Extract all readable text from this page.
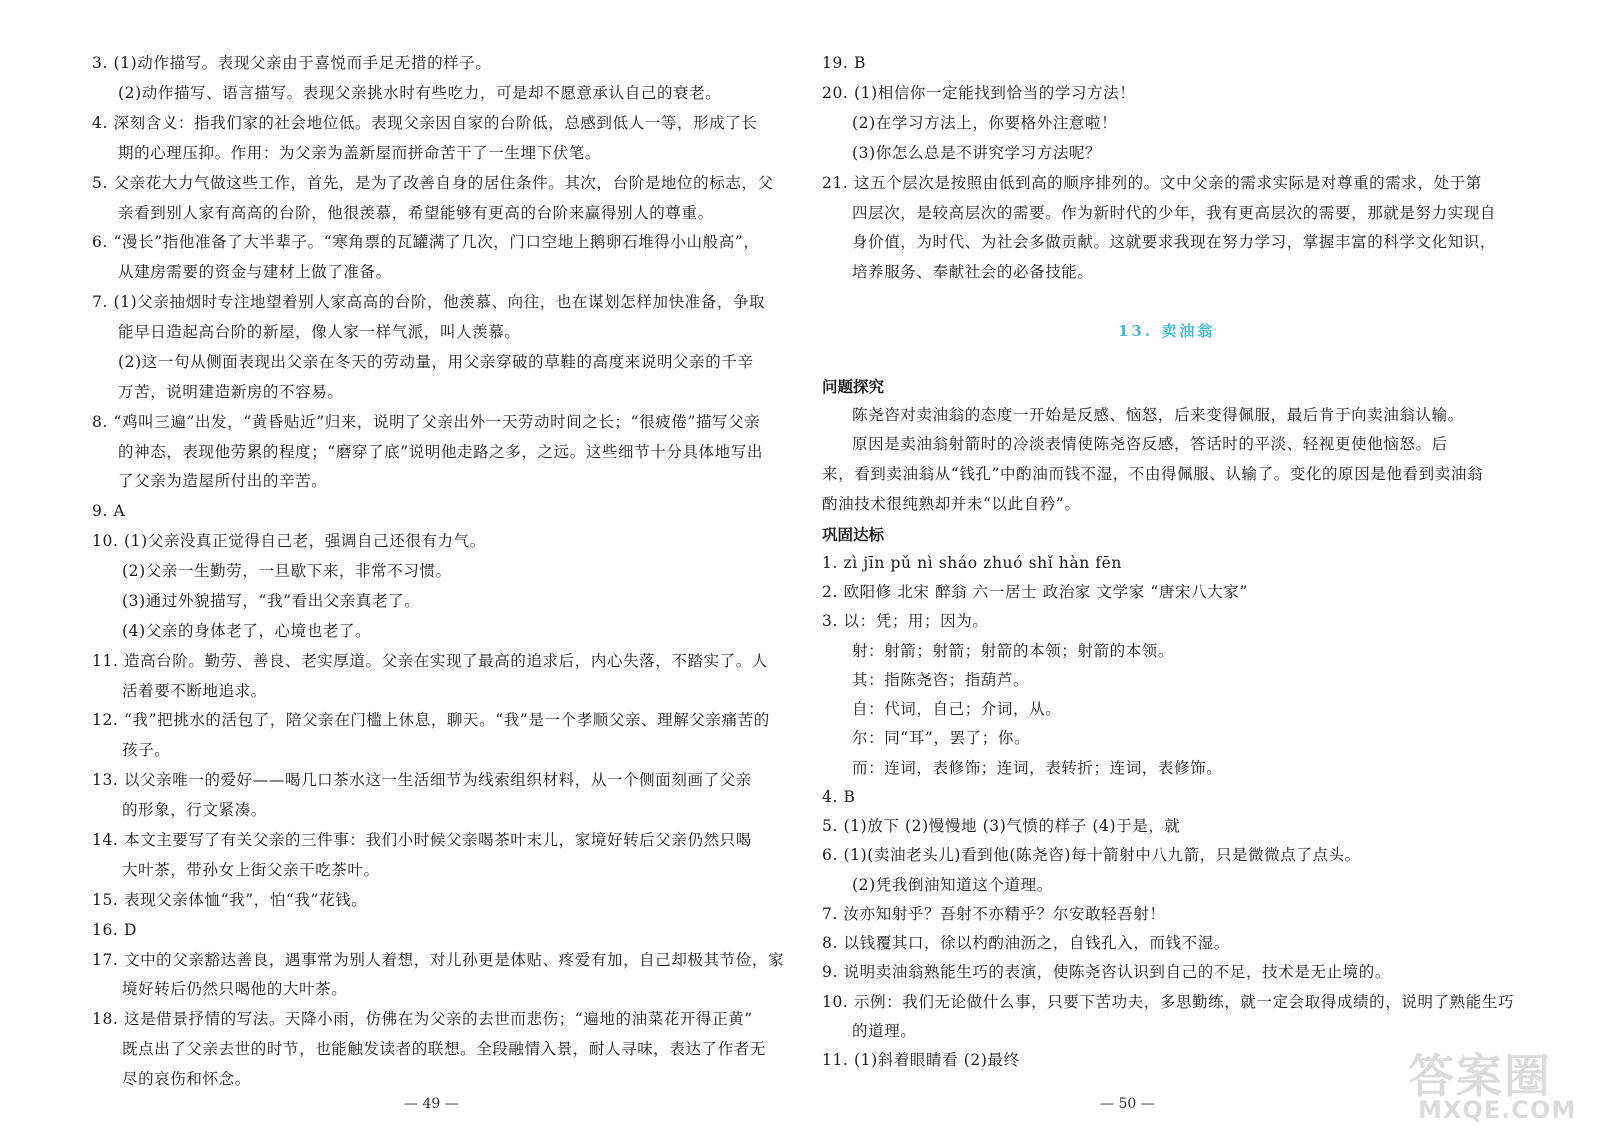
3. (1)动作描写。表现父亲由于喜悦而手足无措的样子。
(2)动作描写、语言描写。表现父亲挑水时有些吃力，可是却不愿意承认自己的衰老。
4. 深刻含义：指我们家的社会地位低。表现父亲因自家的台阶低，总感到低人一等，形成了长
期的心理压抑。作用：为父亲为盖新屋而拼命苦干了一生埋下伏笔。
5. 父亲花大力气做这些工作，首先，是为了改善自身的居住条件。其次，台阶是地位的标志，父
亲看到别人家有高高的台阶，他很羡慕，希望能够有更高的台阶来赢得别人的尊重。
6. “漫长”指他准备了大半辈子。“寒角票的瓦罐满了几次，门口空地上鹅卵石堆得小山般高”，
从建房需要的资金与建材上做了准备。
7. (1)父亲抽烟时专注地望着别人家高高的台阶，他羡慕、向往，也在谋划怎样加快准备，争取
能早日造起高台阶的新屋，像人家一样气派，叫人羡慕。
(2)这一句从侧面表现出父亲在冬天的劳动量，用父亲穿破的草鞋的高度来说明父亲的千辛
万苦，说明建造新房的不容易。
8. “鸡叫三遍”出发，“黄昏贴近”归来，说明了父亲出外一天劳动时间之长；“很疲倦”描写父亲
的神态，表现他劳累的程度；“磨穿了底”说明他走路之多，之远。这些细节十分具体地写出
了父亲为造屋所付出的辛苦。
9. A
10. (1)父亲没真正觉得自己老，强调自己还很有力气。
(2)父亲一生勤劳，一旦歇下来，非常不习惯。
(3)通过外貌描写，“我”看出父亲真老了。
(4)父亲的身体老了，心境也老了。
11. 造高台阶。勤劳、善良、老实厚道。父亲在实现了最高的追求后，内心失落，不踏实了。人
活着要不断地追求。
12. “我”把挑水的活包了，陪父亲在门槛上休息，聊天。“我”是一个孝顺父亲、理解父亲痛苦的
孩子。
13. 以父亲唯一的爱好——喝几口茶水这一生活细节为线索组织材料，从一个侧面刻画了父亲
的形象，行文紧凑。
14. 本文主要写了有关父亲的三件事：我们小时候父亲喝茶叶末儿，家境好转后父亲仍然只喝
大叶茶，带孙女上街父亲干吃茶叶。
15. 表现父亲体恤“我”，怕“我”花钱。
16. D
17. 文中的父亲豁达善良，遇事常为别人着想，对儿孙更是体贴、疼爱有加，自己却极其节俭，家
境好转后仍然只喝他的大叶茶。
18. 这是借景抒情的写法。天降小雨，仿佛在为父亲的去世而悲伤；“遍地的油菜花开得正黄”
既点出了父亲去世的时节，也能触发读者的联想。全段融情入景，耐人寻味，表达了作者无
尽的哀伤和怀念。
— 49 —
19. B
20. (1)相信你一定能找到恰当的学习方法！
(2)在学习方法上，你要格外注意啦！
(3)你怎么总是不讲究学习方法呢？
21. 这五个层次是按照由低到高的顺序排列的。文中父亲的需求实际是对尊重的需求，处于第
四层次，是较高层次的需要。作为新时代的少年，我有更高层次的需要，那就是努力实现自
身价值，为时代、为社会多做贡献。这就要求我现在努力学习，掌握丰富的科学文化知识，
培养服务、奉献社会的必备技能。
13. 卖油翁
问题探究
陈尧咨对卖油翁的态度一开始是反感、恼怒，后来变得佩服，最后肯于向卖油翁认输。
原因是卖油翁射箭时的冷淡表情使陈尧咨反感，答话时的平淡、轻视更使他恼怒。后
来，看到卖油翁从“钱孔”中酌油而钱不湿，不由得佩服、认输了。变化的原因是他看到卖油翁
酌油技术很纯熟却并未“以此自矜”。
巩固达标
1. zì jīn pǔ nì sháo zhuó shǐ hàn fēn
2. 欧阳修 北宋 醉翁 六一居士 政治家 文学家 “唐宋八大家”
3. 以：凭；用；因为。
射：射箭；射箭；射箭的本领；射箭的本领。
其：指陈尧咨；指葫芦。
自：代词，自己；介词，从。
尔：同“耳”，罢了；你。
而：连词，表修饰；连词，表转折；连词，表修饰。
4. B
5. (1)放下 (2)慢慢地 (3)气愤的样子 (4)于是，就
6. (1)(卖油老头儿)看到他(陈尧咨)每十箭射中八九箭，只是微微点了点头。
(2)凭我倒油知道这个道理。
7. 汝亦知射乎？吾射不亦精乎？尔安敢轻吾射！
8. 以钱覆其口，徐以杓酌油沥之，自钱孔入，而钱不湿。
9. 说明卖油翁熟能生巧的表演，使陈尧咨认识到自己的不足，技术是无止境的。
10. 示例：我们无论做什么事，只要下苦功夫，多思勤练，就一定会取得成绩的，说明了熟能生巧
的道理。
11. (1)斜着眼睛看 (2)最终
— 50 —
答案圈
MXQE.COM
